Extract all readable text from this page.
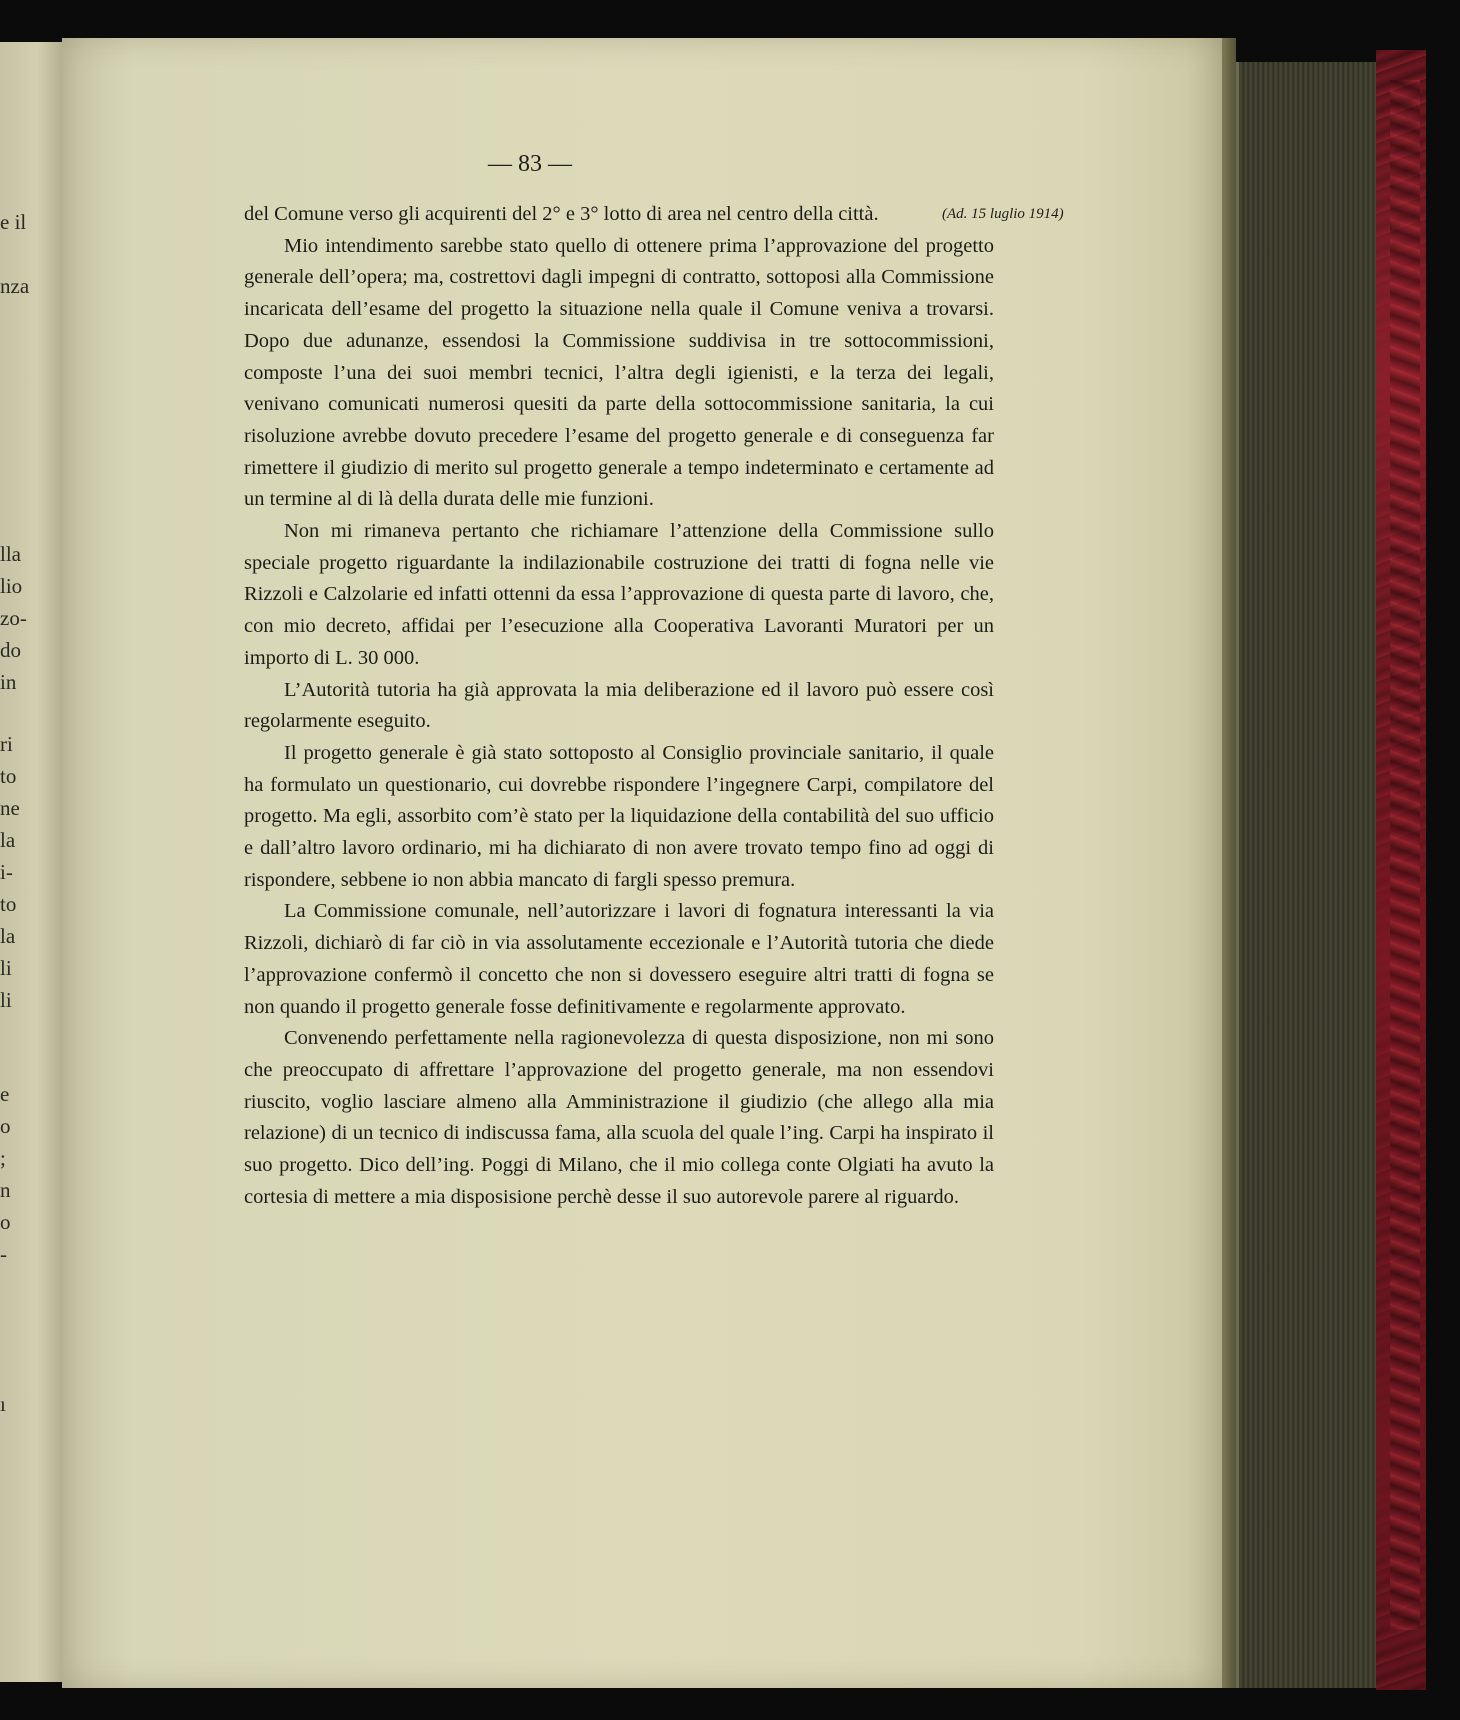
e il
nza
lla
lio
zo-
do
in
ri
to
ne
la
i-
to
la
li
li
e
o
;
n
o
-
ı
— 83 —
(Ad. 15 luglio 1914)

del Comune verso gli acquirenti del 2° e 3° lotto di area nel centro della città.

Mio intendimento sarebbe stato quello di ottenere prima l’approvazione del progetto generale dell’opera; ma, costrettovi dagli impegni di contratto, sottoposi alla Commissione incaricata dell’esame del progetto la situazione nella quale il Comune veniva a trovarsi. Dopo due adunanze, essendosi la Commissione suddivisa in tre sottocommissioni, composte l’una dei suoi membri tecnici, l’altra degli igienisti, e la terza dei legali, venivano comunicati numerosi quesiti da parte della sottocommissione sanitaria, la cui risoluzione avrebbe dovuto precedere l’esame del progetto generale e di conseguenza far rimettere il giudizio di merito sul progetto generale a tempo indeterminato e certamente ad un termine al di là della durata delle mie funzioni.

Non mi rimaneva pertanto che richiamare l’attenzione della Commissione sullo speciale progetto riguardante la indilazionabile costruzione dei tratti di fogna nelle vie Rizzoli e Calzolarie ed infatti ottenni da essa l’approvazione di questa parte di lavoro, che, con mio decreto, affidai per l’esecuzione alla Cooperativa Lavoranti Muratori per un importo di L. 30 000.

L’Autorità tutoria ha già approvata la mia deliberazione ed il lavoro può essere così regolarmente eseguito.

Il progetto generale è già stato sottoposto al Consiglio provinciale sanitario, il quale ha formulato un questionario, cui dovrebbe rispondere l’ingegnere Carpi, compilatore del progetto. Ma egli, assorbito com’è stato per la liquidazione della contabilità del suo ufficio e dall’altro lavoro ordinario, mi ha dichiarato di non avere trovato tempo fino ad oggi di rispondere, sebbene io non abbia mancato di fargli spesso premura.

La Commissione comunale, nell’autorizzare i lavori di fognatura interessanti la via Rizzoli, dichiarò di far ciò in via assolutamente eccezionale e l’Autorità tutoria che diede l’approvazione confermò il concetto che non si dovessero eseguire altri tratti di fogna se non quando il progetto generale fosse definitivamente e regolarmente approvato.

Convenendo perfettamente nella ragionevolezza di questa disposizione, non mi sono che preoccupato di affrettare l’approvazione del progetto generale, ma non essendovi riuscito, voglio lasciare almeno alla Amministrazione il giudizio (che allego alla mia relazione) di un tecnico di indiscussa fama, alla scuola del quale l’ing. Carpi ha inspirato il suo progetto. Dico dell’ing. Poggi di Milano, che il mio collega conte Olgiati ha avuto la cortesia di mettere a mia disposisione perchè desse il suo autorevole parere al riguardo.
